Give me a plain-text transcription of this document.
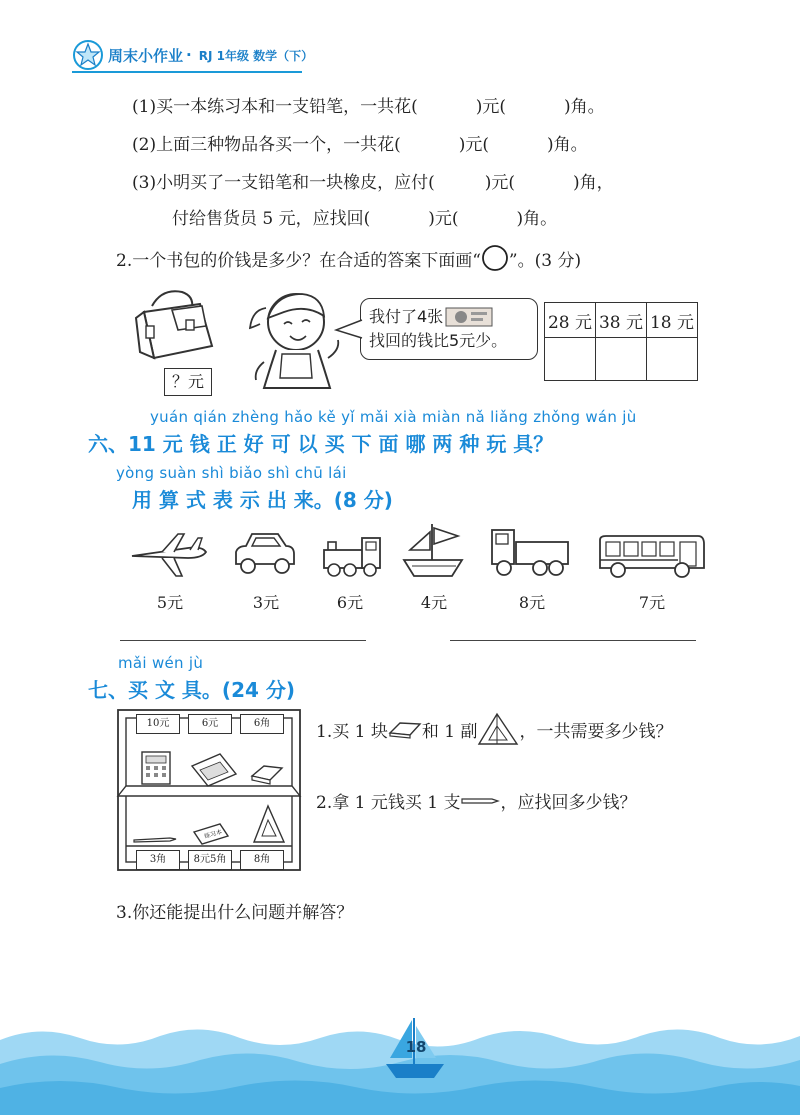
周末小作业 · RJ 1年级 数学（下）
(1)买一本练习本和一支铅笔，一共花(	)元(	)角。
(2)上面三种物品各买一个，一共花(	)元(	)角。
(3)小明买了一支铅笔和一块橡皮，应付(	)元(	)角，
付给售货员 5 元，应找回(	)元(	)角。
2.一个书包的价钱是多少？在合适的答案下面画“ ”。(3 分)
？元
我付了4张
找回的钱比5元少。
28 元	38 元	18 元

yuán qián zhèng hǎo kě yǐ mǎi xià miàn nǎ liǎng zhǒng wán jù
六、11 元 钱 正 好 可 以 买 下 面 哪 两 种 玩 具？
yòng suàn shì biǎo shì chū lái
用 算 式 表 示 出 来。(8 分)
5元	3元	6元	4元	8元	7元
mǎi wén jù
七、买 文 具。(24 分)
10元	6元	6角
练习本
3角	8元5角	8角
1.买 1 块 和 1 副 ，一共需要多少钱？
2.拿 1 元钱买 1 支 ，应找回多少钱？
3.你还能提出什么问题并解答？
18
